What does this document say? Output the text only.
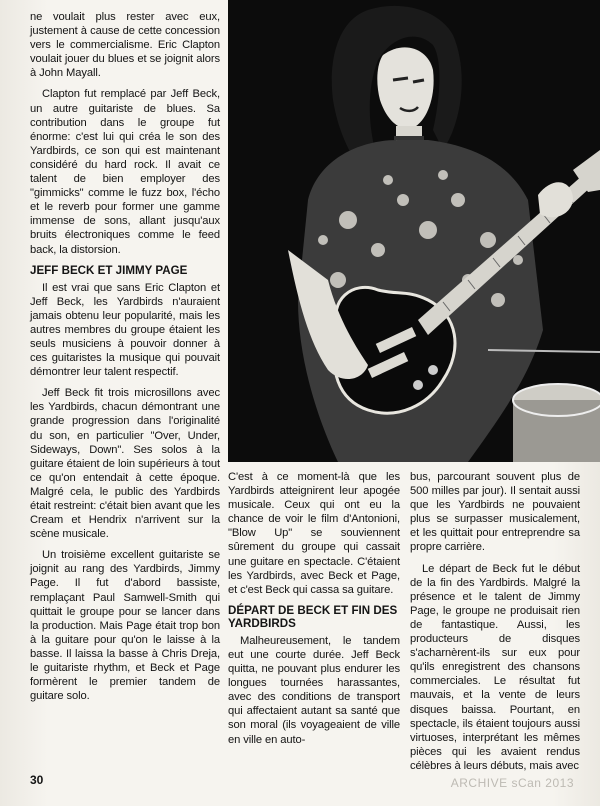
ne voulait plus rester avec eux, justement à cause de cette concession vers le commercialisme. Eric Clapton voulait jouer du blues et se joignit alors à John Mayall.

Clapton fut remplacé par Jeff Beck, un autre guitariste de blues. Sa contribution dans le groupe fut énorme: c'est lui qui créa le son des Yardbirds, ce son qui est maintenant considéré du hard rock. Il avait ce talent de bien employer des "gimmicks" comme le fuzz box, l'écho et le reverb pour former une gamme immense de sons, allant jusqu'aux bruits électroniques comme le feed back, la distorsion.

JEFF BECK ET JIMMY PAGE

Il est vrai que sans Eric Clapton et Jeff Beck, les Yardbirds n'auraient jamais obtenu leur popularité, mais les autres membres du groupe étaient les seuls musiciens à pouvoir donner à ces guitaristes la musique qui pouvait démontrer leur talent respectif.

Jeff Beck fit trois microsillons avec les Yardbirds, chacun démontrant une grande progression dans l'originalité du son, en particulier "Over, Under, Sideways, Down". Ses solos à la guitare étaient de loin supérieurs à tout ce qu'on entendait à cette époque. Malgré cela, le public des Yardbirds était restreint: c'était bien avant que les Cream et Hendrix n'arrivent sur la scène musicale.

Un troisième excellent guitariste se joignit au rang des Yardbirds, Jimmy Page. Il fut d'abord bassiste, remplaçant Paul Samwell-Smith qui quittait le groupe pour se lancer dans la production. Mais Page était trop bon à la guitare pour qu'on le laisse à la basse. Il laissa la basse à Chris Dreja, le guitariste rhythm, et Beck et Page formèrent le premier tandem de guitare solo.

C'est à ce moment-là que les Yardbirds atteignirent leur apogée musicale. Ceux qui ont eu la chance de voir le film d'Antonioni, "Blow Up" se souviennent sûrement du groupe qui cassait une guitare en spectacle. C'étaient les Yardbirds, avec Beck et Page, et c'est Beck qui cassa sa guitare.

DÉPART DE BECK ET FIN DES YARDBIRDS

Malheureusement, le tandem eut une courte durée. Jeff Beck quitta, ne pouvant plus endurer les longues tournées harassantes, avec des conditions de transport qui affectaient autant sa santé que son moral (ils voyageaient de ville en ville en auto-

bus, parcourant souvent plus de 500 milles par jour). Il sentait aussi que les Yardbirds ne pouvaient plus se surpasser musicalement, et les quittait pour entreprendre sa propre carrière.

Le départ de Beck fut le début de la fin des Yardbirds. Malgré la présence et le talent de Jimmy Page, le groupe ne produisait rien de fantastique. Aussi, les producteurs de disques s'acharnèrent-ils sur eux pour qu'ils enregistrent des chansons commerciales. Le résultat fut mauvais, et la vente de leurs disques baissa. Pourtant, en spectacle, ils étaient toujours aussi virtuoses, interprétant les mêmes pièces qui les avaient rendus célèbres à leurs débuts, mais avec

30	ARCHIVE sCan 2013
